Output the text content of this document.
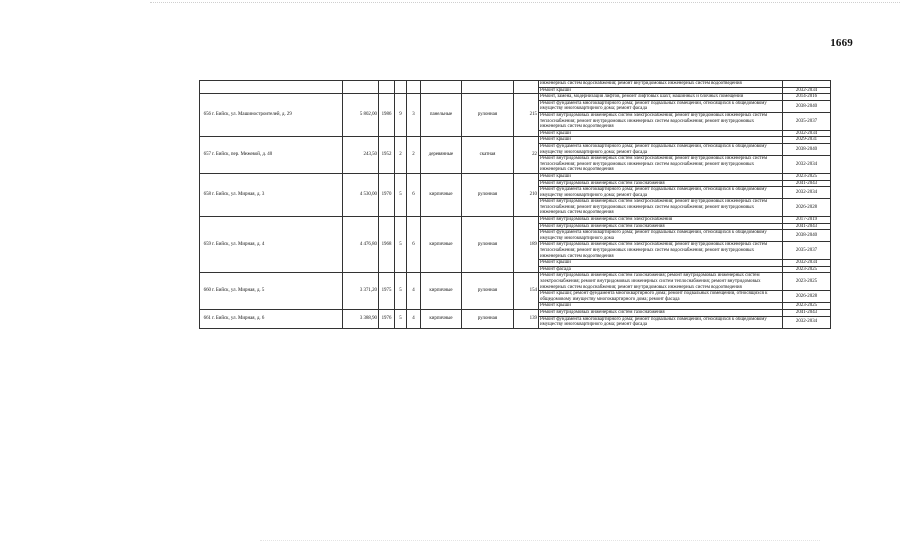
1669
								инженерных систем водоснабжения; ремонт внутридомовых инженерных систем водоотведения	
								Ремонт крыши	2032-2034
656г. Бийск, ул. Машиностроителей, д. 29	5 802,00	1986	9	3	панельные	рулонная	215	Ремонт, замена, модернизация лифтов, ремонт лифтовых шахт, машинных и блочных помещений	2014-2016
								Ремонт фундамента многоквартирного дома; ремонт подвальных помещений, относящихся к общедомовому имуществу многоквартирного дома; ремонт фасада	2038-2040
								Ремонт внутридомовых инженерных систем электроснабжения; ремонт внутридомовых инженерных систем теплоснабжения; ремонт внутридомовых инженерных систем водоснабжения; ремонт внутридомовых инженерных систем водоотведения	2035-2037
								Ремонт крыши	2032-2034
657г. Бийск, пер. Межевой, д. 40	243,50	1952	2	2	деревянные	скатная	22	Ремонт крыши	2029-2031
								Ремонт фундамента многоквартирного дома; ремонт подвальных помещений, относящихся к общедомовому имуществу многоквартирного дома; ремонт фасада	2038-2040
								Ремонт внутридомовых инженерных систем электроснабжения; ремонт внутридомовых инженерных систем теплоснабжения; ремонт внутридомовых инженерных систем водоснабжения; ремонт внутридомовых инженерных систем водоотведения	2032-2034
658г. Бийск, ул. Мирная, д. 3	4 530,00	1970	5	6	кирпичные	рулонная	210	Ремонт крыши	2023-2025
								Ремонт внутридомовых инженерных систем газоснабжения	2041-2043
								Ремонт фундамента многоквартирного дома; ремонт подвальных помещений, относящихся к общедомовому имуществу многоквартирного дома; ремонт фасада	2032-2034
								Ремонт внутридомовых инженерных систем электроснабжения; ремонт внутридомовых инженерных систем теплоснабжения; ремонт внутридомовых инженерных систем водоснабжения; ремонт внутридомовых инженерных систем водоотведения	2026-2028
659г. Бийск, ул. Мирная, д. 4	4 476,80	1968	5	6	кирпичные	рулонная	189	Ремонт внутридомовых инженерных систем электроснабжения	2017-2019
								Ремонт внутридомовых инженерных систем газоснабжения	2041-2043
								Ремонт фундамента многоквартирного дома; ремонт подвальных помещений, относящихся к общедомовому имуществу многоквартирного дома	2038-2040
								Ремонт внутридомовых инженерных систем электроснабжения; ремонт внутридомовых инженерных систем теплоснабжения; ремонт внутридомовых инженерных систем водоснабжения; ремонт внутридомовых инженерных систем водоотведения	2035-2037
								Ремонт крыши	2032-2034
								Ремонт фасада	2023-2025
660г. Бийск, ул. Мирная, д. 5	3 371,20	1975	5	4	кирпичные	рулонная	154	Ремонт внутридомовых инженерных систем газоснабжения; ремонт внутридомовых инженерных систем электроснабжения; ремонт внутридомовых инженерных систем теплоснабжения; ремонт внутридомовых инженерных систем водоснабжения; ремонт внутридомовых инженерных систем водоотведения	2023-2025
								Ремонт крыши; ремонт фундамента многоквартирного дома; ремонт подвальных помещений, относящихся к общедомовому имуществу многоквартирного дома; ремонт фасада	2026-2028
								Ремонт крыши	2023-2025
661г. Бийск, ул. Мирная, д. 6	3 388,90	1976	5	4	кирпичные	рулонная	139	Ремонт внутридомовых инженерных систем газоснабжения	2041-2043
								Ремонт фундамента многоквартирного дома; ремонт подвальных помещений, относящихся к общедомовому имуществу многоквартирного дома; ремонт фасада	2032-2034
